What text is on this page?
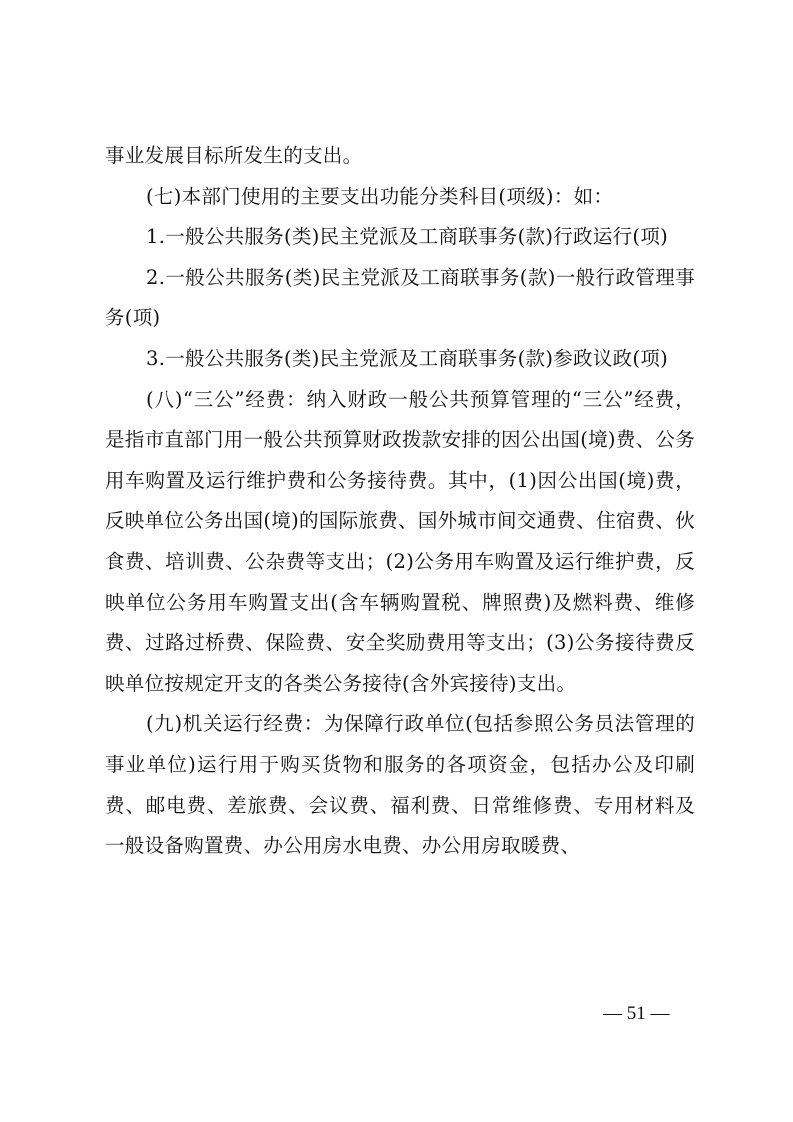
事业发展目标所发生的支出。

(七)本部门使用的主要支出功能分类科目(项级)：如：

1.一般公共服务(类)民主党派及工商联事务(款)行政运行(项)

2.一般公共服务(类)民主党派及工商联事务(款)一般行政管理事务(项)

3.一般公共服务(类)民主党派及工商联事务(款)参政议政(项)

(八)“三公”经费：纳入财政一般公共预算管理的“三公”经费，是指市直部门用一般公共预算财政拨款安排的因公出国(境)费、公务用车购置及运行维护费和公务接待费。其中，(1)因公出国(境)费，反映单位公务出国(境)的国际旅费、国外城市间交通费、住宿费、伙食费、培训费、公杂费等支出；(2)公务用车购置及运行维护费，反映单位公务用车购置支出(含车辆购置税、牌照费)及燃料费、维修费、过路过桥费、保险费、安全奖励费用等支出；(3)公务接待费反映单位按规定开支的各类公务接待(含外宾接待)支出。

(九)机关运行经费：为保障行政单位(包括参照公务员法管理的事业单位)运行用于购买货物和服务的各项资金，包括办公及印刷费、邮电费、差旅费、会议费、福利费、日常维修费、专用材料及一般设备购置费、办公用房水电费、办公用房取暖费、

— 51 —
